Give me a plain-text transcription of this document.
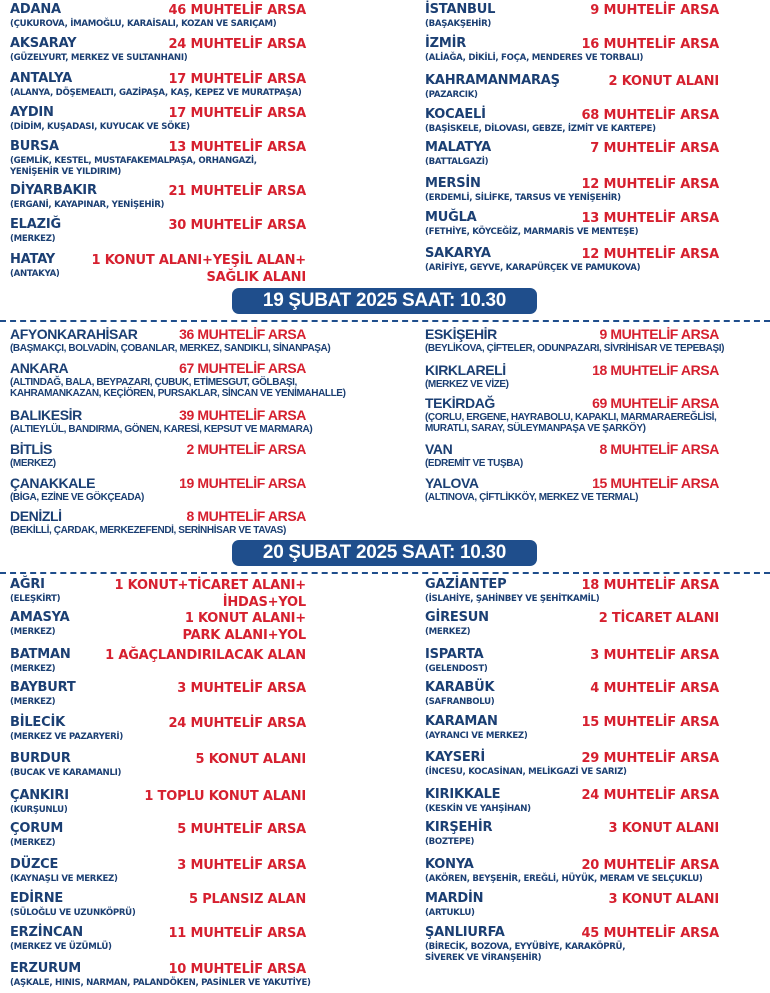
ADANA
(ÇUKUROVA, İMAMOĞLU, KARAİSALI, KOZAN VE SARIÇAM)
46 MUHTELİF ARSA
AKSARAY
(GÜZELYURT, MERKEZ VE SULTANHANI)
24 MUHTELİF ARSA
ANTALYA
(ALANYA, DÖŞEMEALTI, GAZİPAŞA, KAŞ, KEPEZ VE MURATPAŞA)
17 MUHTELİF ARSA
AYDIN
(DİDİM, KUŞADASI, KUYUCAK VE SÖKE)
17 MUHTELİF ARSA
BURSA
(GEMLİK, KESTEL, MUSTAFAKEMALPAŞA, ORHANGAZİ,
YENİŞEHİR VE YILDIRIM)
13 MUHTELİF ARSA
DİYARBAKIR
(ERGANİ, KAYAPINAR, YENİŞEHİR)
21 MUHTELİF ARSA
ELAZIĞ
(MERKEZ)
30 MUHTELİF ARSA
HATAY
(ANTAKYA)
1 KONUT ALANI+YEŞİL ALAN+
SAĞLIK ALANI
İSTANBUL
(BAŞAKŞEHİR)
9 MUHTELİF ARSA
İZMİR
(ALİAĞA, DİKİLİ, FOÇA, MENDERES VE TORBALI)
16 MUHTELİF ARSA
KAHRAMANMARAŞ
(PAZARCIK)
2 KONUT ALANI
KOCAELİ
(BAŞİSKELE, DİLOVASI, GEBZE, İZMİT VE KARTEPE)
68 MUHTELİF ARSA
MALATYA
(BATTALGAZİ)
7 MUHTELİF ARSA
MERSİN
(ERDEMLİ, SİLİFKE, TARSUS VE YENİŞEHİR)
12 MUHTELİF ARSA
MUĞLA
(FETHİYE, KÖYCEĞİZ, MARMARİS VE MENTEŞE)
13 MUHTELİF ARSA
SAKARYA
(ARİFİYE, GEYVE, KARAPÜRÇEK VE PAMUKOVA)
12 MUHTELİF ARSA
19 ŞUBAT 2025 SAAT: 10.30
AFYONKARAHİSAR
(BAŞMAKÇI, BOLVADİN, ÇOBANLAR, MERKEZ, SANDIKLI, SİNANPAŞA)
36 MUHTELİF ARSA
ANKARA
(ALTINDAĞ, BALA, BEYPAZARI, ÇUBUK, ETİMESGUT, GÖLBAŞI,
KAHRAMANKAZAN, KEÇİÖREN, PURSAKLAR, SİNCAN VE YENİMAHALLE)
67 MUHTELİF ARSA
BALIKESİR
(ALTIEYLÜL, BANDIRMA, GÖNEN, KARESİ, KEPSUT VE MARMARA)
39 MUHTELİF ARSA
BİTLİS
(MERKEZ)
2 MUHTELİF ARSA
ÇANAKKALE
(BİGA, EZİNE VE GÖKÇEADA)
19 MUHTELİF ARSA
DENİZLİ
(BEKİLLİ, ÇARDAK, MERKEZEFENDİ, SERİNHİSAR VE TAVAS)
8 MUHTELİF ARSA
ESKİŞEHİR
(BEYLİKOVA, ÇİFTELER, ODUNPAZARI, SİVRİHİSAR VE TEPEBAŞI)
9 MUHTELİF ARSA
KIRKLARELİ
(MERKEZ VE VİZE)
18 MUHTELİF ARSA
TEKİRDAĞ
(ÇORLU, ERGENE, HAYRABOLU, KAPAKLI, MARMARAEREĞLİSİ,
MURATLI, SARAY, SÜLEYMANPAŞA VE ŞARKÖY)
69 MUHTELİF ARSA
VAN
(EDREMİT VE TUŞBA)
8 MUHTELİF ARSA
YALOVA
(ALTINOVA, ÇİFTLİKKÖY, MERKEZ VE TERMAL)
15 MUHTELİF ARSA
20 ŞUBAT 2025 SAAT: 10.30
AĞRI
(ELEŞKİRT)
1 KONUT+TİCARET ALANI+
İHDAS+YOL
AMASYA
(MERKEZ)
1 KONUT ALANI+
PARK ALANI+YOL
BATMAN
(MERKEZ)
1 AĞAÇLANDIRILACAK ALAN
BAYBURT
(MERKEZ)
3 MUHTELİF ARSA
BİLECİK
(MERKEZ VE PAZARYERİ)
24 MUHTELİF ARSA
BURDUR
(BUCAK VE KARAMANLI)
5 KONUT ALANI
ÇANKIRI
(KURŞUNLU)
1 TOPLU KONUT ALANI
ÇORUM
(MERKEZ)
5 MUHTELİF ARSA
DÜZCE
(KAYNAŞLI VE MERKEZ)
3 MUHTELİF ARSA
EDİRNE
(SÜLOĞLU VE UZUNKÖPRÜ)
5 PLANSIZ ALAN
ERZİNCAN
(MERKEZ VE ÜZÜMLÜ)
11 MUHTELİF ARSA
ERZURUM
(AŞKALE, HINIS, NARMAN, PALANDÖKEN, PASİNLER VE YAKUTİYE)
10 MUHTELİF ARSA
GAZİANTEP
(İSLAHİYE, ŞAHİNBEY VE ŞEHİTKAMİL)
18 MUHTELİF ARSA
GİRESUN
(MERKEZ)
2 TİCARET ALANI
ISPARTA
(GELENDOST)
3 MUHTELİF ARSA
KARABÜK
(SAFRANBOLU)
4 MUHTELİF ARSA
KARAMAN
(AYRANCI VE MERKEZ)
15 MUHTELİF ARSA
KAYSERİ
(İNCESU, KOCASİNAN, MELİKGAZİ VE SARIZ)
29 MUHTELİF ARSA
KIRIKKALE
(KESKİN VE YAHŞİHAN)
24 MUHTELİF ARSA
KIRŞEHİR
(BOZTEPE)
3 KONUT ALANI
KONYA
(AKÖREN, BEYŞEHİR, EREĞLİ, HÜYÜK, MERAM VE SELÇUKLU)
20 MUHTELİF ARSA
MARDİN
(ARTUKLU)
3 KONUT ALANI
ŞANLIURFA
(BİRECİK, BOZOVA, EYYÜBİYE, KARAKÖPRÜ,
SİVEREK VE VİRANŞEHİR)
45 MUHTELİF ARSA
